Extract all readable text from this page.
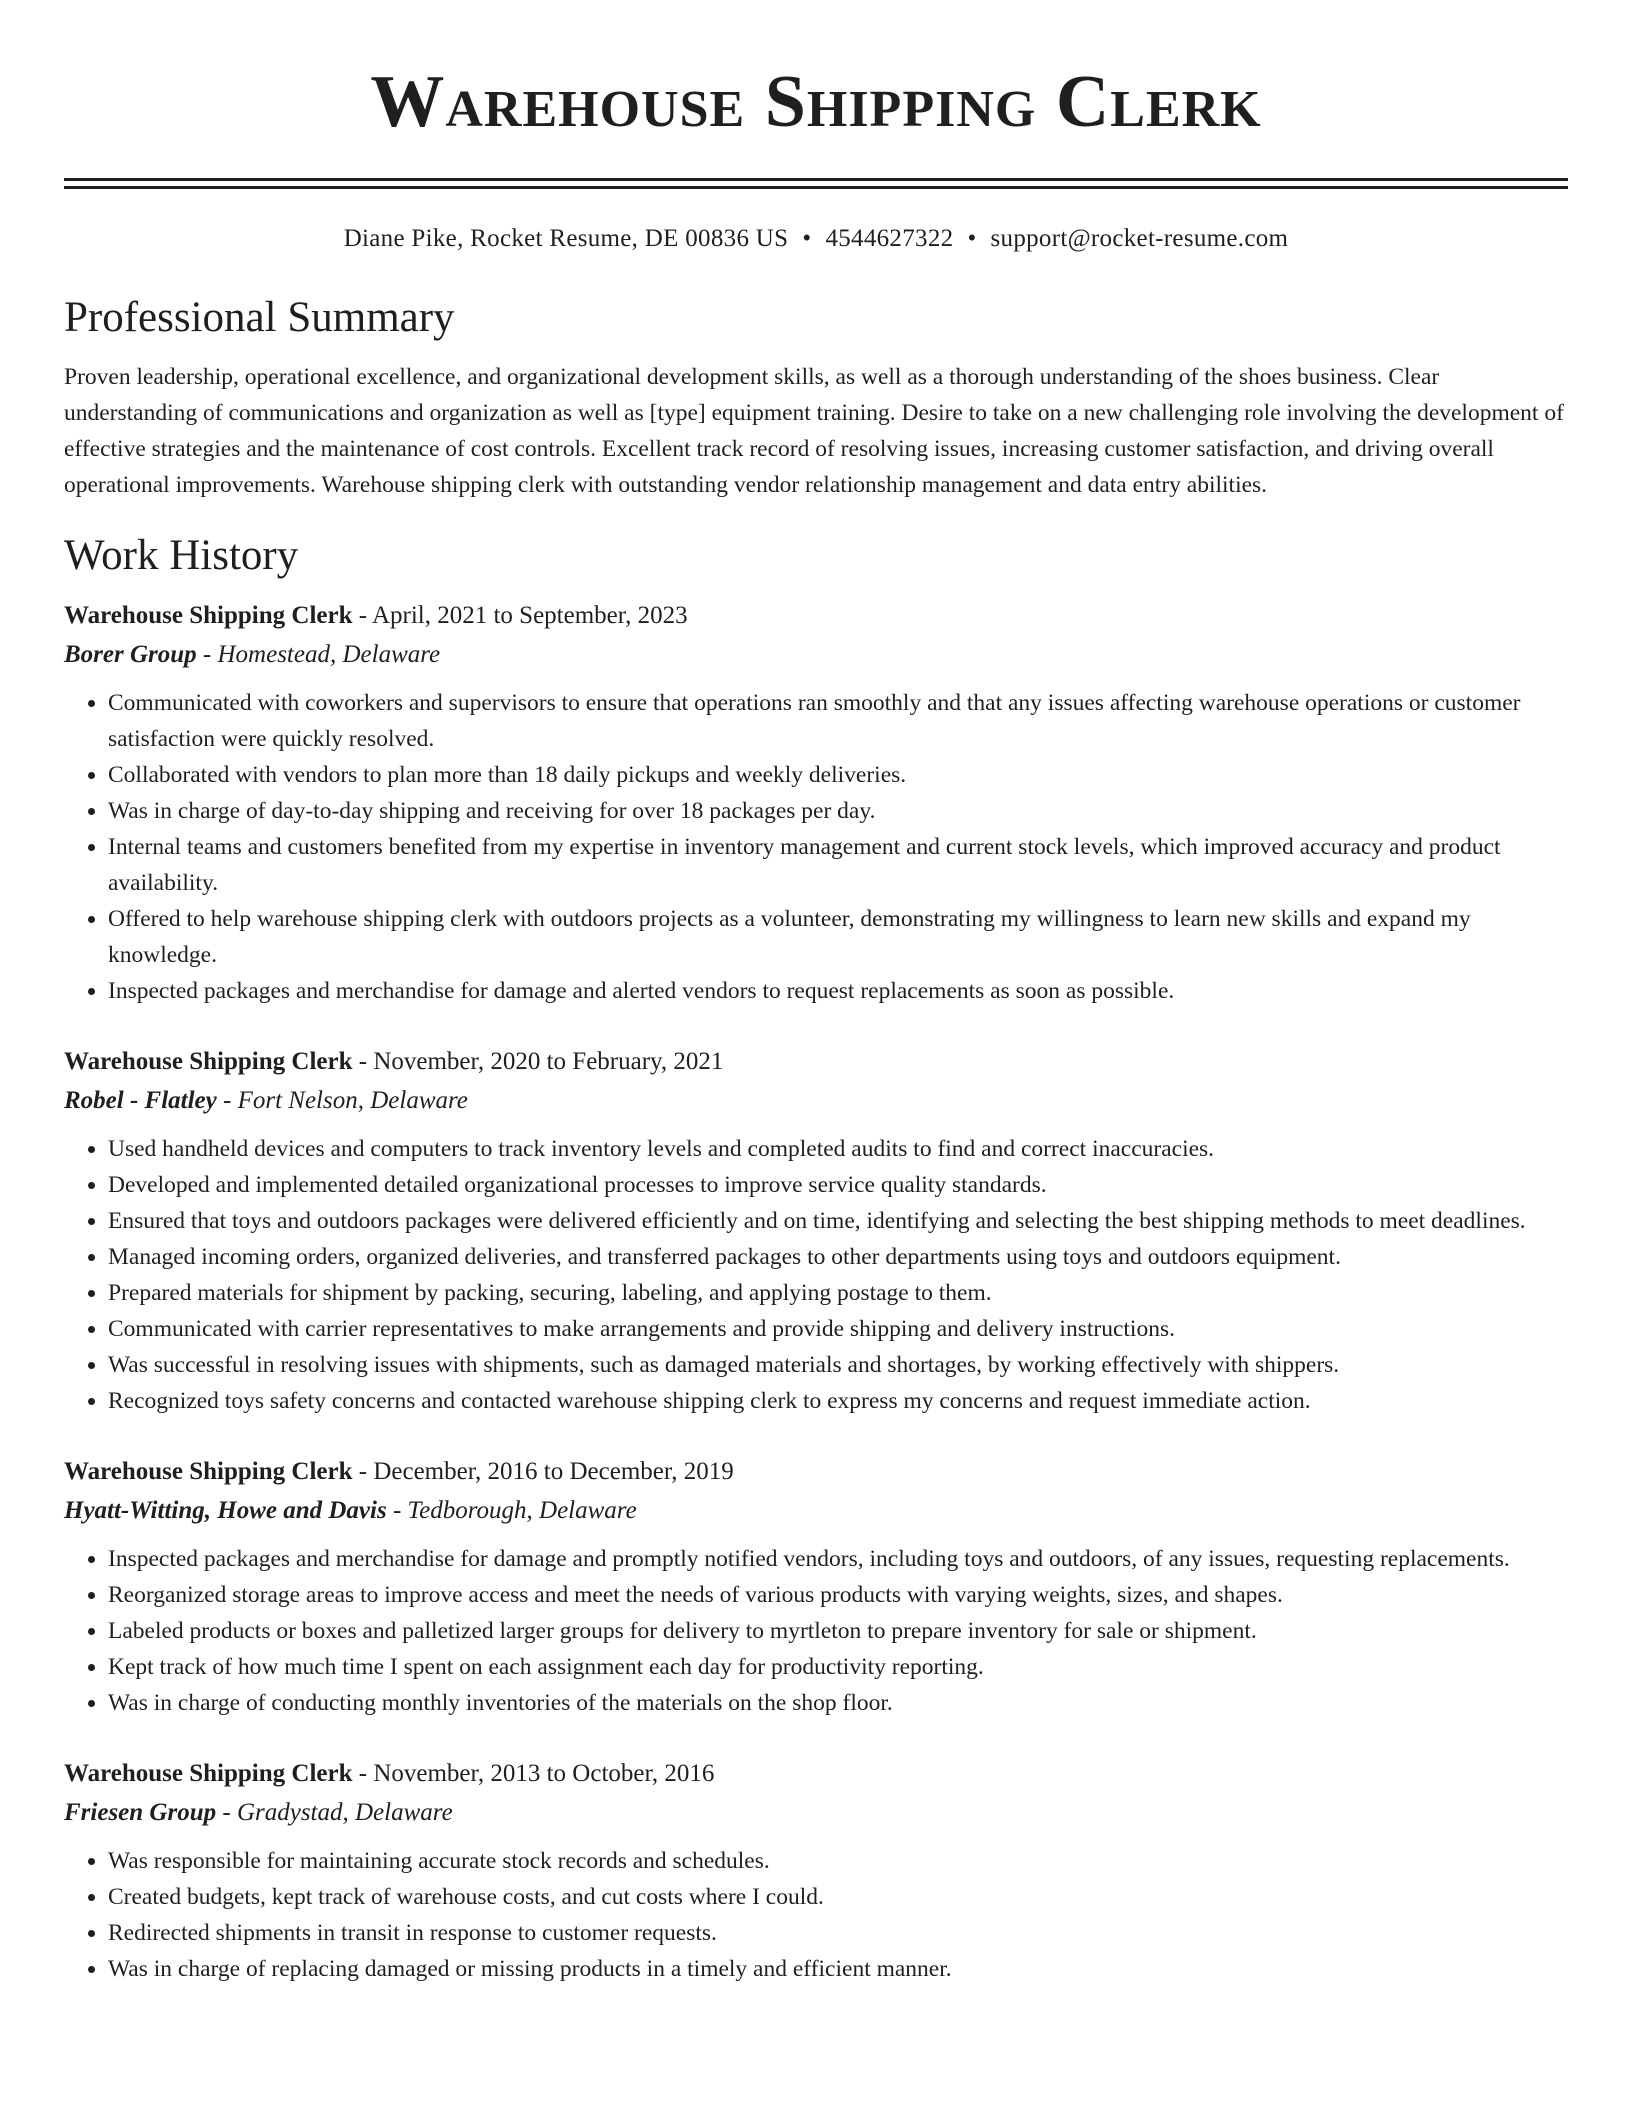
Warehouse Shipping Clerk
Diane Pike, Rocket Resume, DE 00836 US • 4544627322 • support@rocket-resume.com
Professional Summary
Proven leadership, operational excellence, and organizational development skills, as well as a thorough understanding of the shoes business. Clear understanding of communications and organization as well as [type] equipment training. Desire to take on a new challenging role involving the development of effective strategies and the maintenance of cost controls. Excellent track record of resolving issues, increasing customer satisfaction, and driving overall operational improvements. Warehouse shipping clerk with outstanding vendor relationship management and data entry abilities.
Work History
Warehouse Shipping Clerk - April, 2021 to September, 2023
Borer Group - Homestead, Delaware
• Communicated with coworkers and supervisors to ensure that operations ran smoothly and that any issues affecting warehouse operations or customer satisfaction were quickly resolved.
• Collaborated with vendors to plan more than 18 daily pickups and weekly deliveries.
• Was in charge of day-to-day shipping and receiving for over 18 packages per day.
• Internal teams and customers benefited from my expertise in inventory management and current stock levels, which improved accuracy and product availability.
• Offered to help warehouse shipping clerk with outdoors projects as a volunteer, demonstrating my willingness to learn new skills and expand my knowledge.
• Inspected packages and merchandise for damage and alerted vendors to request replacements as soon as possible.
Warehouse Shipping Clerk - November, 2020 to February, 2021
Robel - Flatley - Fort Nelson, Delaware
• Used handheld devices and computers to track inventory levels and completed audits to find and correct inaccuracies.
• Developed and implemented detailed organizational processes to improve service quality standards.
• Ensured that toys and outdoors packages were delivered efficiently and on time, identifying and selecting the best shipping methods to meet deadlines.
• Managed incoming orders, organized deliveries, and transferred packages to other departments using toys and outdoors equipment.
• Prepared materials for shipment by packing, securing, labeling, and applying postage to them.
• Communicated with carrier representatives to make arrangements and provide shipping and delivery instructions.
• Was successful in resolving issues with shipments, such as damaged materials and shortages, by working effectively with shippers.
• Recognized toys safety concerns and contacted warehouse shipping clerk to express my concerns and request immediate action.
Warehouse Shipping Clerk - December, 2016 to December, 2019
Hyatt-Witting, Howe and Davis - Tedborough, Delaware
• Inspected packages and merchandise for damage and promptly notified vendors, including toys and outdoors, of any issues, requesting replacements.
• Reorganized storage areas to improve access and meet the needs of various products with varying weights, sizes, and shapes.
• Labeled products or boxes and palletized larger groups for delivery to myrtleton to prepare inventory for sale or shipment.
• Kept track of how much time I spent on each assignment each day for productivity reporting.
• Was in charge of conducting monthly inventories of the materials on the shop floor.
Warehouse Shipping Clerk - November, 2013 to October, 2016
Friesen Group - Gradystad, Delaware
• Was responsible for maintaining accurate stock records and schedules.
• Created budgets, kept track of warehouse costs, and cut costs where I could.
• Redirected shipments in transit in response to customer requests.
• Was in charge of replacing damaged or missing products in a timely and efficient manner.
